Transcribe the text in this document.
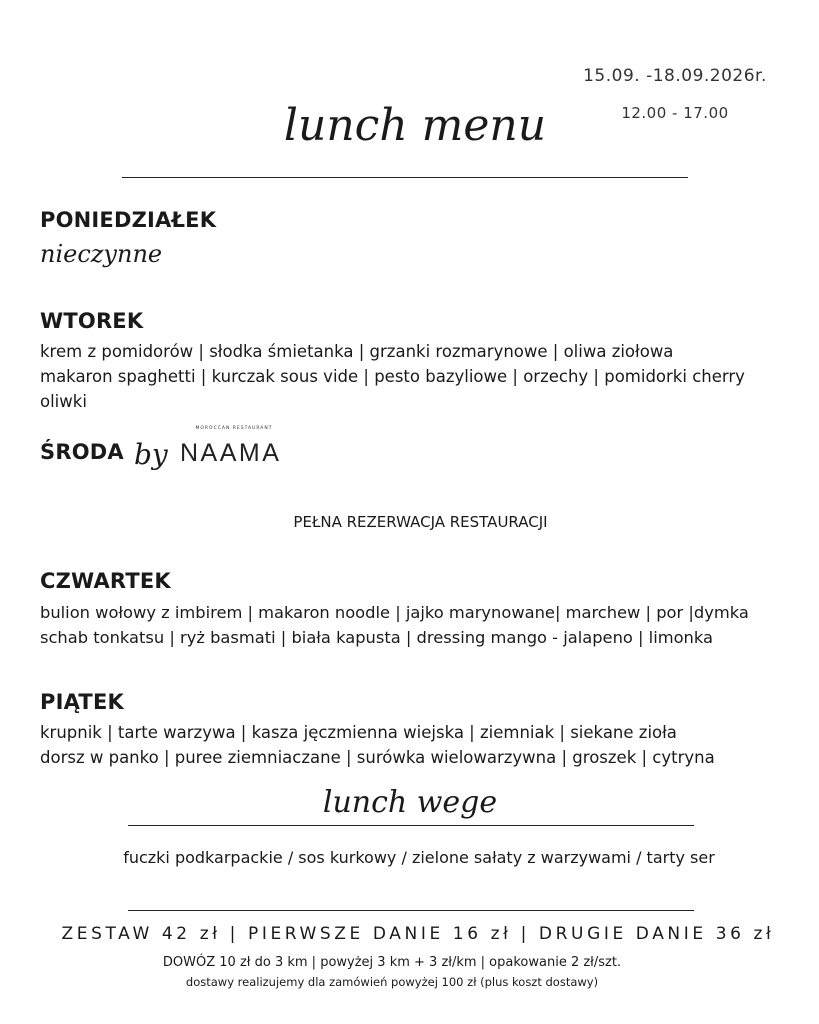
15.09. -18.09.2026r.
12.00 - 17.00
lunch menu
PONIEDZIAŁEK
nieczynne
WTOREK
krem z pomidorów | słodka śmietanka | grzanki rozmarynowe | oliwa ziołowa
makaron spaghetti | kurczak sous vide | pesto bazyliowe | orzechy | pomidorki cherry
oliwki
ŚRODA by
MOROCCAN RESTAURANT
NAAMA
PEŁNA REZERWACJA RESTAURACJI
CZWARTEK
bulion wołowy z imbirem | makaron noodle | jajko marynowane| marchew | por |dymka
schab tonkatsu | ryż basmati | biała kapusta | dressing mango - jalapeno | limonka
PIĄTEK
krupnik | tarte warzywa | kasza jęczmienna wiejska | ziemniak | siekane zioła
dorsz w panko | puree ziemniaczane | surówka wielowarzywna | groszek | cytryna
lunch wege
fuczki podkarpackie / sos kurkowy / zielone sałaty z warzywami / tarty ser
ZESTAW 42 zł | PIERWSZE DANIE 16 zł | DRUGIE DANIE 36 zł
DOWÓZ 10 zł do 3 km | powyżej 3 km + 3 zł/km | opakowanie 2 zł/szt.
dostawy realizujemy dla zamówień powyżej 100 zł (plus koszt dostawy)
